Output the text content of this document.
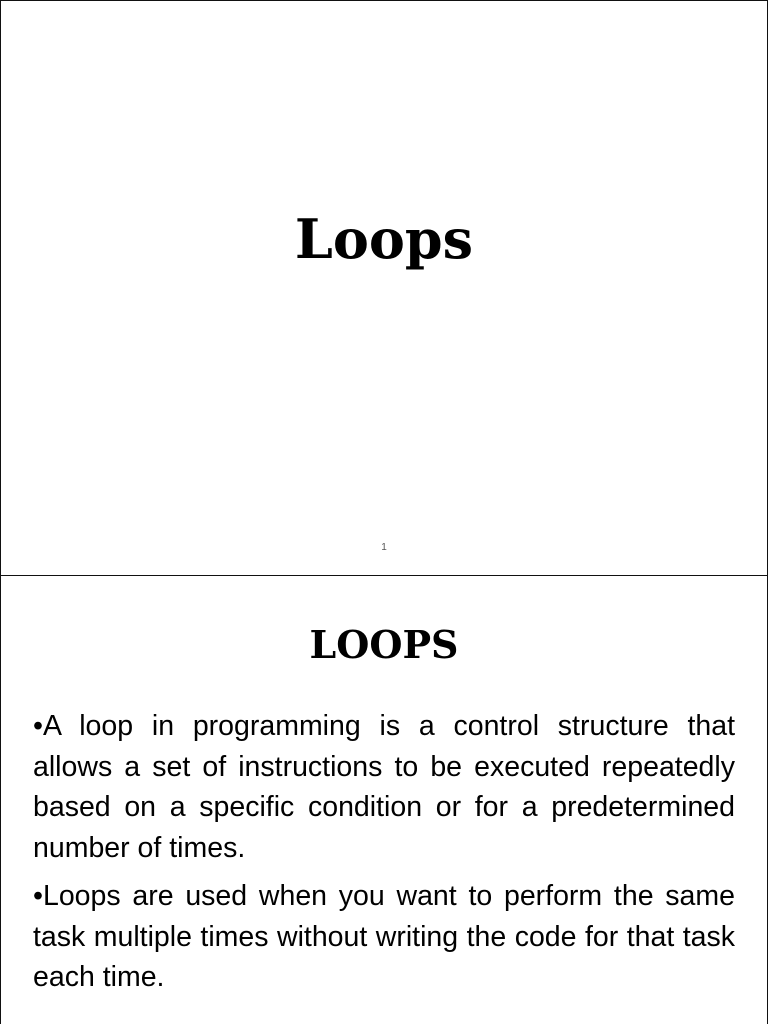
Loops
1
LOOPS
•A loop in programming is a control structure that allows a set of instructions to be executed repeatedly based on a specific condition or for a predetermined number of times.
•Loops are used when you want to perform the same task multiple times without writing the code for that task each time.
